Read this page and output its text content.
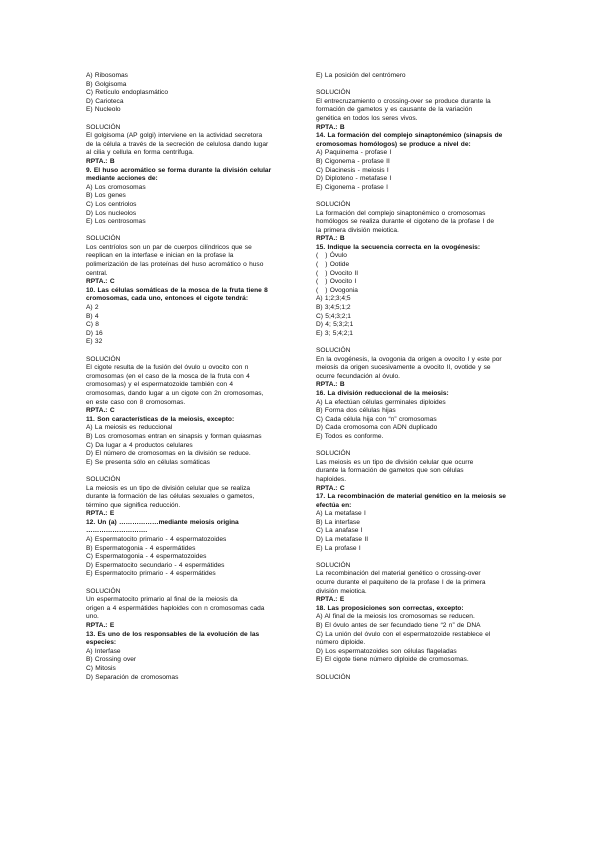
A) Ribosomas
B) Golgisoma
C) Retículo endoplasmático
D) Carioteca
E) Nucleolo
SOLUCIÓN
El golgisoma (AP golgi) interviene en la actividad secretora
de la célula a través de la secreción de celulosa dando lugar
al cilia y cellula en forma centrífuga.
RPTA.: B
9. El huso acromático se forma durante la división celular
mediante acciones de:
A) Los cromosomas
B) Los genes
C) Los centriolos
D) Los nucleolos
E) Los centrosomas
SOLUCIÓN
Los centríolos son un par de cuerpos cilíndricos que se
reeplican en la interfase e inician en la profase la
polimerización de las proteínas del huso acromático o huso
central.
RPTA.: C
10. Las células somáticas de la mosca de la fruta tiene 8
cromosomas, cada uno, entonces el cigote tendrá:
A) 2
B) 4
C) 8
D) 16
E) 32
SOLUCIÓN
El cigote resulta de la fusión del óvulo u ovocito con n
cromosomas (en el caso de la mosca de la fruta con 4
cromosomas) y el espermatozoide también con 4
cromosomas, dando lugar a un cigote con 2n cromosomas,
en este caso con 8 cromosomas.
RPTA.: C
11. Son características de la meiosis, excepto:
A) La meiosis es reduccional
B) Los cromosomas entran en sinapsis y forman quiasmas
C) Da lugar a 4 productos celulares
D) El número de cromosomas en la división se reduce.
E) Se presenta sólo en células somáticas
SOLUCIÓN
La meiosis es un tipo de división celular que se realiza
durante la formación de las células sexuales o gametos,
término que significa reducción.
RPTA.: E
12. Un (a) ………………mediante meiosis origina
……………………….
A) Espermatocito primario - 4 espermatozoides
B) Espermatogonia - 4 espermátides
C) Espermatogonia - 4 espermatozoides
D) Espermatocito secundario - 4 espermátides
E) Espermatocito primario - 4 espermátides
SOLUCIÓN
Un espermatocito primario al final de la meiosis da
origen a 4 espermátides haploides con n cromosomas cada
uno.
RPTA.: E
13. Es uno de los responsables de la evolución de las
especies:
A) Interfase
B) Crossing over
C) Mitosis
D) Separación de cromosomas
E) La posición del centrómero
SOLUCIÓN
El entrecruzamiento o crossing-over se produce durante la
formación de gametos y es causante de la variación
genética en todos los seres vivos.
RPTA.: B
14. La formación del complejo sinaptonémico (sinapsis de
cromosomas homólogos) se produce a nivel de:
A) Paquinema - profase I
B) Cigonema - profase II
C) Diacinesis - meiosis I
D) Diploteno - metafase I
E) Cigonema - profase I
SOLUCIÓN
La formación del complejo sinaptonémico o cromosomas
homólogos se realiza durante el cigoteno de la profase I de
la primera división meiotica.
RPTA.: B
15. Indique la secuencia correcta en la ovogénesis:
(   ) Óvulo
(   ) Ootide
(   ) Ovocito II
(   ) Ovocito I
(   ) Ovogonia
A) 1;2;3;4;5
B) 3;4;5;1;2
C) 5;4;3;2;1
D) 4; 5;3;2;1
E) 3; 5;4;2;1
SOLUCIÓN
En la ovogénesis, la ovogonia da origen a ovocito I y este por
meiosis da origen sucesivamente a ovocito II, ovotide y se
ocurre fecundación al óvulo.
RPTA.: B
16. La división reduccional de la meiosis:
A) La efectúan células germinales diploides
B) Forma dos células hijas
C) Cada célula hija con “n” cromosomas
D) Cada cromosoma con ADN duplicado
E) Todos es conforme.
SOLUCIÓN
Las meiosis es un tipo de división celular que ocurre
durante la formación de gametos que son células
haploides.
RPTA.: C
17. La recombinación de material genético en la meiosis se
efectúa en:
A) La metafase I
B) La interfase
C) La anafase I
D) La metafase II
E) La profase I
SOLUCIÓN
La recombinación del material genético o crossing-over
ocurre durante el paquiteno de la profase I de la primera
división meiotica.
RPTA.: E
18. Las proposiciones son correctas, excepto:
A) Al final de la meiosis los cromosomas se reducen.
B) El óvulo antes de ser fecundado tiene “2 n” de DNA
C) La unión del óvulo con el espermatozoide restablece el
número diploide.
D) Los espermatozoides son células flageladas
E) El cigote tiene número diploide de cromosomas.
SOLUCIÓN
